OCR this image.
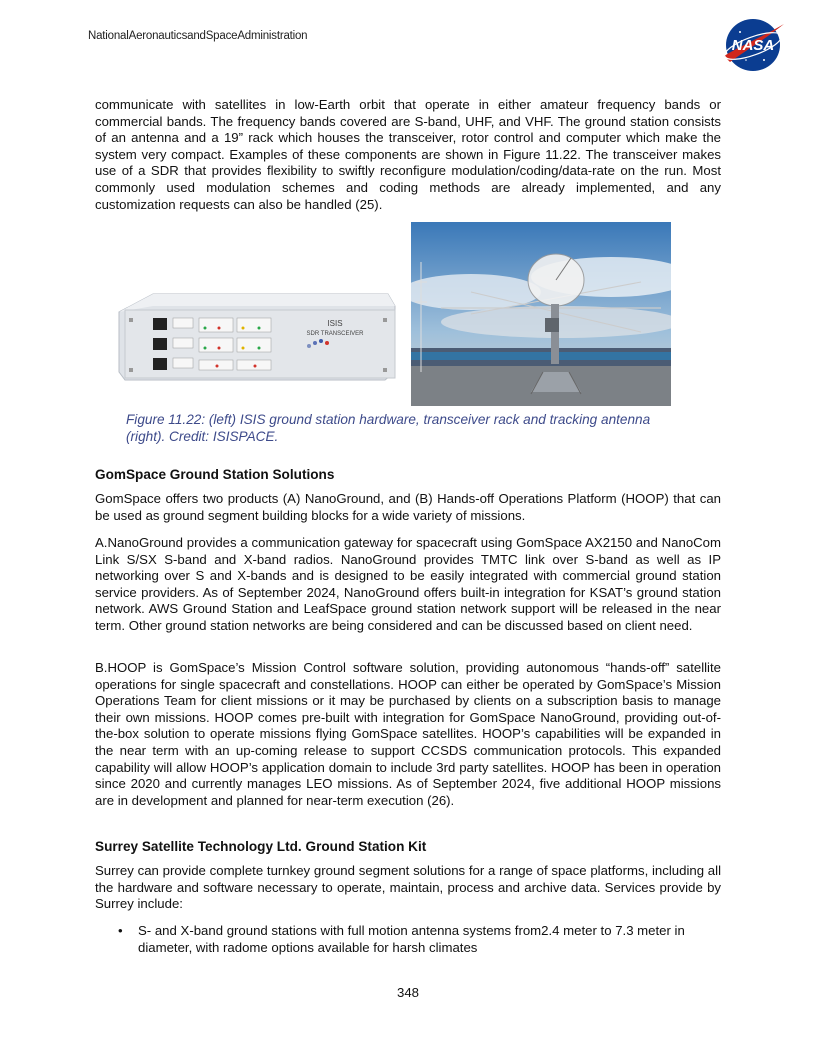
NationalAeronauticsandSpaceAdministration
NASA

communicate with satellites in low-Earth orbit that operate in either amateur frequency bands or commercial bands. The frequency bands covered are S-band, UHF, and VHF. The ground station consists of an antenna and a 19” rack which houses the transceiver, rotor control and computer which make the system very compact. Examples of these components are shown in Figure 11.22. The transceiver makes use of a SDR that provides flexibility to swiftly reconfigure modulation/coding/data-rate on the run. Most commonly used modulation schemes and coding methods are already implemented, and any customization requests can also be handled (25).

ISIS
SDR TRANSCEIVER
Figure 11.22: (left) ISIS ground station hardware, transceiver rack and tracking antenna (right). Credit: ISISPACE.
GomSpace Ground Station Solutions

GomSpace offers two products (A) NanoGround, and (B) Hands-off Operations Platform (HOOP) that can be used as ground segment building blocks for a wide variety of missions.

A.NanoGround provides a communication gateway for spacecraft using GomSpace AX2150 and NanoCom Link S/SX S-band and X-band radios. NanoGround provides TMTC link over S-band as well as IP networking over S and X-bands and is designed to be easily integrated with commercial ground station service providers. As of September 2024, NanoGround offers built-in integration for KSAT’s ground station network. AWS Ground Station and LeafSpace ground station network support will be released in the near term. Other ground station networks are being considered and can be discussed based on client need.

B.HOOP is GomSpace’s Mission Control software solution, providing autonomous “hands-off” satellite operations for single spacecraft and constellations. HOOP can either be operated by GomSpace’s Mission Operations Team for client missions or it may be purchased by clients on a subscription basis to manage their own missions. HOOP comes pre-built with integration for GomSpace NanoGround, providing out-of-the-box solution to operate missions flying GomSpace satellites. HOOP’s capabilities will be expanded in the near term with an up-coming release to support CCSDS communication protocols. This expanded capability will allow HOOP’s application domain to include 3rd party satellites. HOOP has been in operation since 2020 and currently manages LEO missions. As of September 2024, five additional HOOP missions are in development and planned for near-term execution (26).

Surrey Satellite Technology Ltd. Ground Station Kit

Surrey can provide complete turnkey ground segment solutions for a range of space platforms, including all the hardware and software necessary to operate, maintain, process and archive data. Services provide by Surrey include:

• S- and X-band ground stations with full motion antenna systems from2.4 meter to 7.3 meter in diameter, with radome options available for harsh climates
348
